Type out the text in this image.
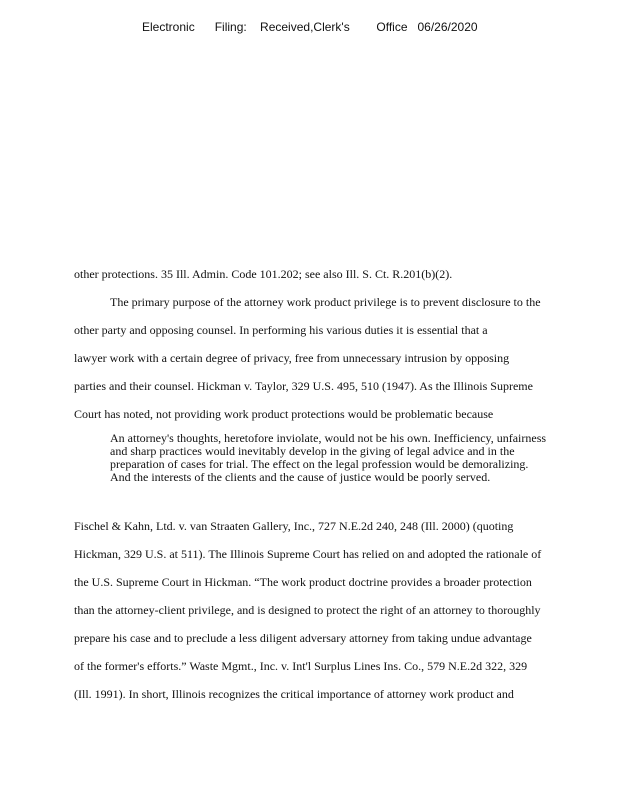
Electronic      Filing:    Received,Clerk's        Office   06/26/2020
other protections. 35 Ill. Admin. Code 101.202; see also Ill. S. Ct. R.201(b)(2).
The primary purpose of the attorney work product privilege is to prevent disclosure to the
other party and opposing counsel. In performing his various duties it is essential that a
lawyer work with a certain degree of privacy, free from unnecessary intrusion by opposing
parties and their counsel. Hickman v. Taylor, 329 U.S. 495, 510 (1947). As the Illinois Supreme
Court has noted, not providing work product protections would be problematic because
An attorney's thoughts, heretofore inviolate, would not be his own. Inefficiency, unfairness and sharp practices would inevitably develop in the giving of legal advice and in the preparation of cases for trial. The effect on the legal profession would be demoralizing. And the interests of the clients and the cause of justice would be poorly served.
Fischel & Kahn, Ltd. v. van Straaten Gallery, Inc., 727 N.E.2d 240, 248 (Ill. 2000) (quoting
Hickman, 329 U.S. at 511). The Illinois Supreme Court has relied on and adopted the rationale of
the U.S. Supreme Court in Hickman. “The work product doctrine provides a broader protection
than the attorney-client privilege, and is designed to protect the right of an attorney to thoroughly
prepare his case and to preclude a less diligent adversary attorney from taking undue advantage
of the former's efforts.” Waste Mgmt., Inc. v. Int'l Surplus Lines Ins. Co., 579 N.E.2d 322, 329
(Ill. 1991). In short, Illinois recognizes the critical importance of attorney work product and
